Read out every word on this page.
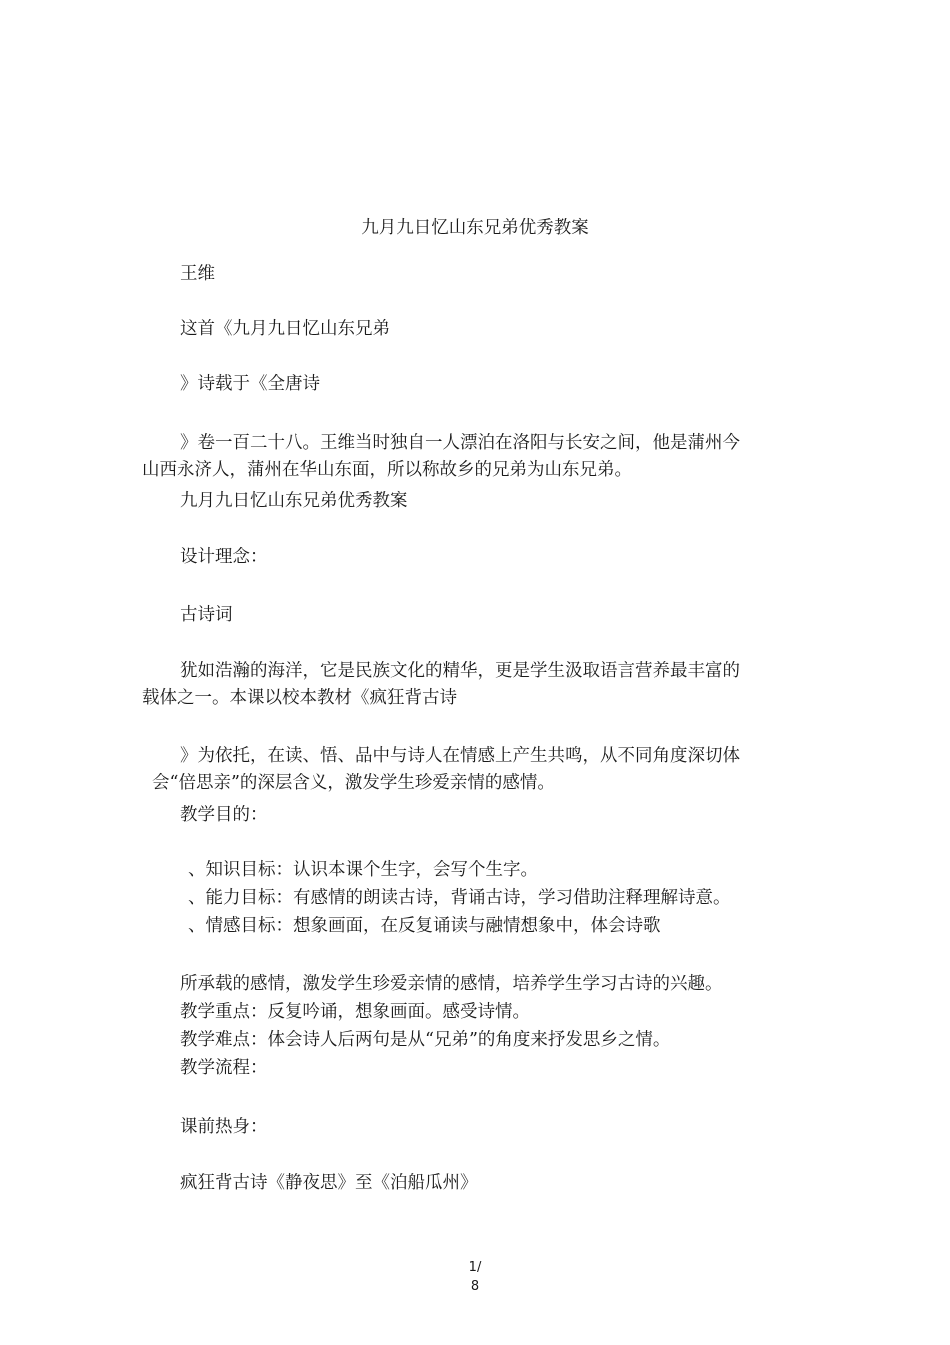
九月九日忆山东兄弟优秀教案
王维
这首《九月九日忆山东兄弟
》诗载于《全唐诗
》卷一百二十八。王维当时独自一人漂泊在洛阳与长安之间，他是蒲州今
山西永济人，蒲州在华山东面，所以称故乡的兄弟为山东兄弟。
九月九日忆山东兄弟优秀教案
设计理念：
古诗词
犹如浩瀚的海洋，它是民族文化的精华，更是学生汲取语言营养最丰富的
载体之一。本课以校本教材《疯狂背古诗
》为依托，在读、悟、品中与诗人在情感上产生共鸣，从不同角度深切体
会“倍思亲”的深层含义，激发学生珍爱亲情的感情。
教学目的：
、知识目标：认识本课个生字，会写个生字。
、能力目标：有感情的朗读古诗，背诵古诗，学习借助注释理解诗意。
、情感目标：想象画面，在反复诵读与融情想象中，体会诗歌
所承载的感情，激发学生珍爱亲情的感情，培养学生学习古诗的兴趣。
教学重点：反复吟诵，想象画面。感受诗情。
教学难点：体会诗人后两句是从“兄弟”的角度来抒发思乡之情。
教学流程：
课前热身：
疯狂背古诗《静夜思》至《泊船瓜州》
1/
8
